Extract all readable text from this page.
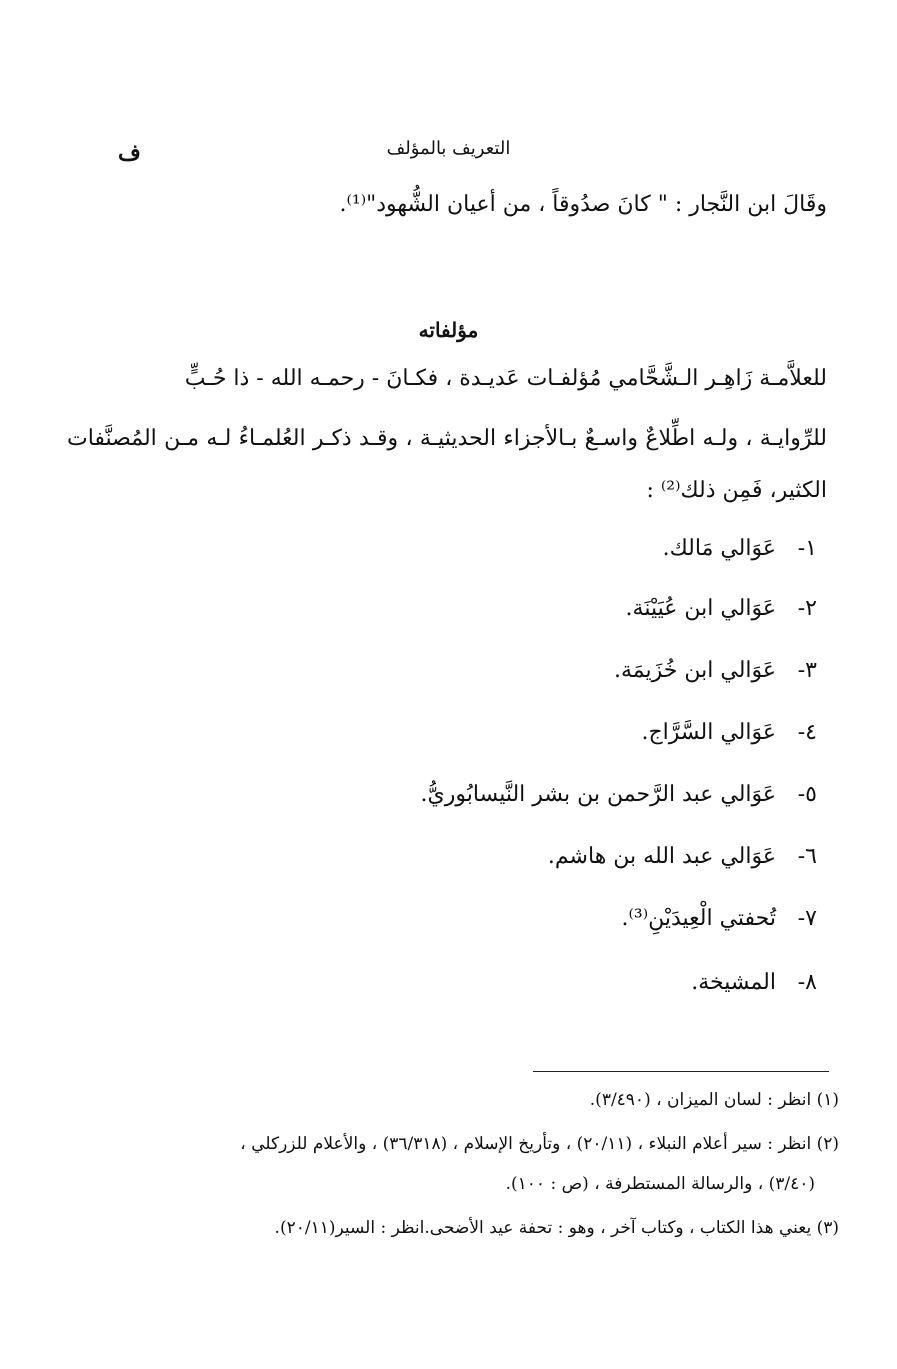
التعريف بالمؤلف
ف
وقَالَ ابن النَّجار : " كانَ صدُوقاً ، من أعيان الشُّهود"⁽¹⁾.
مؤلفاته
للعلاَّمـة زَاهِـر الـشَّحَّامي مُؤلفـات عَديـدة ، فكـانَ - رحمـه الله - ذا حُـبٍّ
للرِّوايـة ، ولـه اطِّلاعٌ واسـعٌ بـالأجزاء الحديثيـة ، وقـد ذكـر العُلمـاءُ لـه مـن المُصنَّفات
الكثير، فَمِن ذلك⁽²⁾ :
١- عَوَالي مَالك.
٢- عَوَالي ابن عُيَيْنَة.
٣- عَوَالي ابن خُزَيمَة.
٤- عَوَالي السَّرَّاج.
٥- عَوَالي عبد الرَّحمن بن بشر النَّيسابُوريُّ.
٦- عَوَالي عبد الله بن هاشم.
٧- تُحفتي الْعِيدَيْنِ⁽³⁾.
٨- المشيخة.
(١) انظر : لسان الميزان ، (٣/٤٩٠).
(٢) انظر : سير أعلام النبلاء ، (٢٠/١١) ، وتأريخ الإسلام ، (٣٦/٣١٨) ، والأعلام للزركلي ،
(٣/٤٠) ، والرسالة المستطرفة ، (ص : ١٠٠).
(٣) يعني هذا الكتاب ، وكتاب آخر ، وهو : تحفة عيد الأضحى.انظر : السير(٢٠/١١).
